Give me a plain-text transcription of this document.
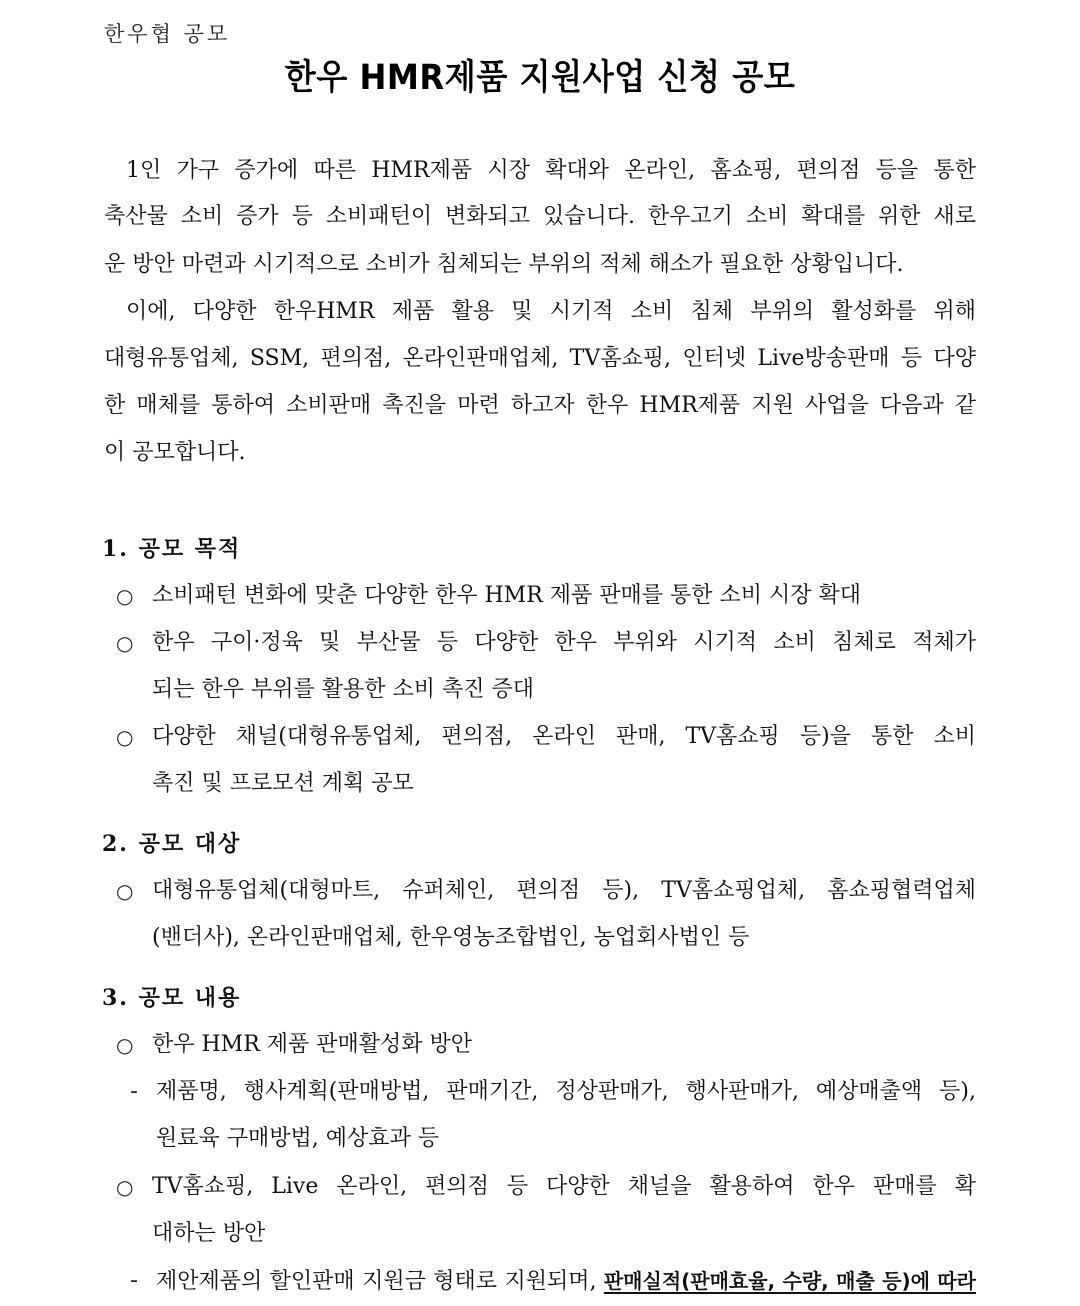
한우협 공모
한우 HMR제품 지원사업 신청 공모
1인 가구 증가에 따른 HMR제품 시장 확대와 온라인, 홈쇼핑, 편의점 등을 통한
축산물 소비 증가 등 소비패턴이 변화되고 있습니다. 한우고기 소비 확대를 위한 새로
운 방안 마련과 시기적으로 소비가 침체되는 부위의 적체 해소가 필요한 상황입니다.
이에, 다양한 한우HMR 제품 활용 및 시기적 소비 침체 부위의 활성화를 위해
대형유통업체, SSM, 편의점, 온라인판매업체, TV홈쇼핑, 인터넷 Live방송판매 등 다양
한 매체를 통하여 소비판매 촉진을 마련 하고자 한우 HMR제품 지원 사업을 다음과 같
이 공모합니다.
1. 공모 목적
○ 소비패턴 변화에 맞춘 다양한 한우 HMR 제품 판매를 통한 소비 시장 확대
○ 한우 구이·정육 및 부산물 등 다양한 한우 부위와 시기적 소비 침체로 적체가
되는 한우 부위를 활용한 소비 촉진 증대
○ 다양한 채널(대형유통업체, 편의점, 온라인 판매, TV홈쇼핑 등)을 통한 소비
촉진 및 프로모션 계획 공모
2. 공모 대상
○ 대형유통업체(대형마트, 슈퍼체인, 편의점 등), TV홈쇼핑업체, 홈쇼핑협력업체
(밴더사), 온라인판매업체, 한우영농조합법인, 농업회사법인 등
3. 공모 내용
○ 한우 HMR 제품 판매활성화 방안
- 제품명, 행사계획(판매방법, 판매기간, 정상판매가, 행사판매가, 예상매출액 등),
원료육 구매방법, 예상효과 등
○ TV홈쇼핑, Live 온라인, 편의점 등 다양한 채널을 활용하여 한우 판매를 확
대하는 방안
- 제안제품의 할인판매 지원금 형태로 지원되며, 판매실적(판매효율, 수량, 매출 등)에 따라
